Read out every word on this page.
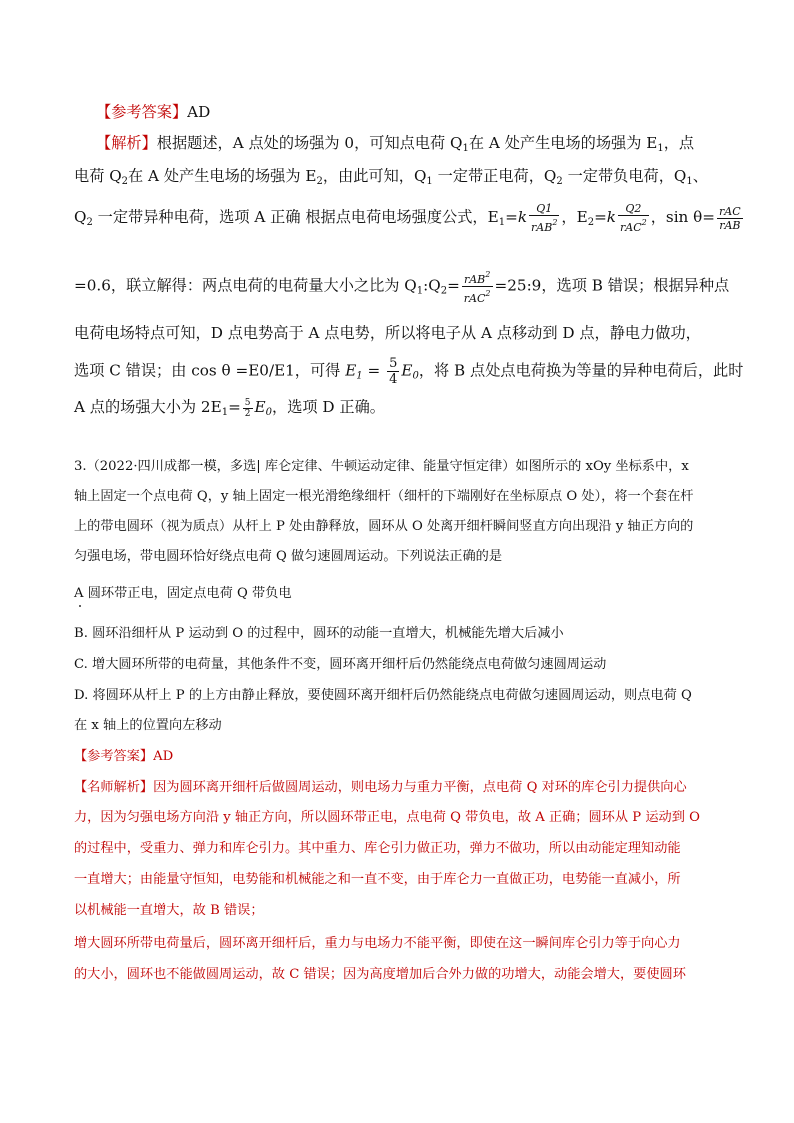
【参考答案】AD
【解析】根据题述，A 点处的场强为 0，可知点电荷 $Q_1$在 A 处产生电场的场强为 $E_1$，点
电荷 $Q_2$在 A 处产生电场的场强为 $E_2$，由此可知，$Q_1$ 一定带正电荷，$Q_2$ 一定带负电荷，$Q_1$、
$Q_2$ 一定带异种电荷，选项 A 正确 根据点电荷电场强度公式，$E_1=k \frac{Q1}{rAB^2}$ ，$E_2=k \frac{Q2}{rAC^2}$ ，$\sin \theta= \frac{\text{rAC}}{\text{rAB}}$
=0.6，联立解得：两点电荷的电荷量大小之比为 $Q_1:Q_2= \frac{rAB^2}{rAC^2}$ =25:9，选项 B 错误；根据异种点
电荷电场特点可知，D 点电势高于 A 点电势，所以将电子从 A 点移动到 D 点，静电力做功，
选项 C 错误；由 cos θ =E0/E1，可得 $E_1 = \frac{5}{4} E_0$，将 B 点处点电荷换为等量的异种电荷后，此时
A 点的场强大小为 $2E_1= \frac{5}{2} E_0$，选项 D 正确。
3.（2022·四川成都一模，多选| 库仑定律、牛顿运动定律、能量守恒定律）如图所示的 xOy 坐标系中，x
轴上固定一个点电荷 Q，y 轴上固定一根光滑绝缘细杆（细杆的下端刚好在坐标原点 O 处），将一个套在杆
上的带电圆环（视为质点）从杆上 P 处由静释放，圆环从 O 处离开细杆瞬间竖直方向出现沿 y 轴正方向的
匀强电场，带电圆环恰好绕点电荷 Q 做匀速圆周运动。下列说法正确的是
A 圆环带正电，固定点电荷 Q 带负电
B. 圆环沿细杆从 P 运动到 O 的过程中，圆环的动能一直增大，机械能先增大后减小
C. 增大圆环所带的电荷量，其他条件不变，圆环离开细杆后仍然能绕点电荷做匀速圆周运动
D. 将圆环从杆上 P 的上方由静止释放，要使圆环离开细杆后仍然能绕点电荷做匀速圆周运动，则点电荷 Q
在 x 轴上的位置向左移动
【参考答案】AD
【名师解析】因为圆环离开细杆后做圆周运动，则电场力与重力平衡，点电荷 Q 对环的库仑引力提供向心
力，因为匀强电场方向沿 y 轴正方向，所以圆环带正电，点电荷 Q 带负电，故 A 正确；圆环从 P 运动到 O
的过程中，受重力、弹力和库仑引力。其中重力、库仑引力做正功，弹力不做功，所以由动能定理知动能
一直增大；由能量守恒知，电势能和机械能之和一直不变，由于库仑力一直做正功，电势能一直减小，所
以机械能一直增大，故 B 错误；
增大圆环所带电荷量后，圆环离开细杆后，重力与电场力不能平衡，即使在这一瞬间库仑引力等于向心力
的大小，圆环也不能做圆周运动，故 C 错误；因为高度增加后合外力做的功增大，动能会增大，要使圆环
